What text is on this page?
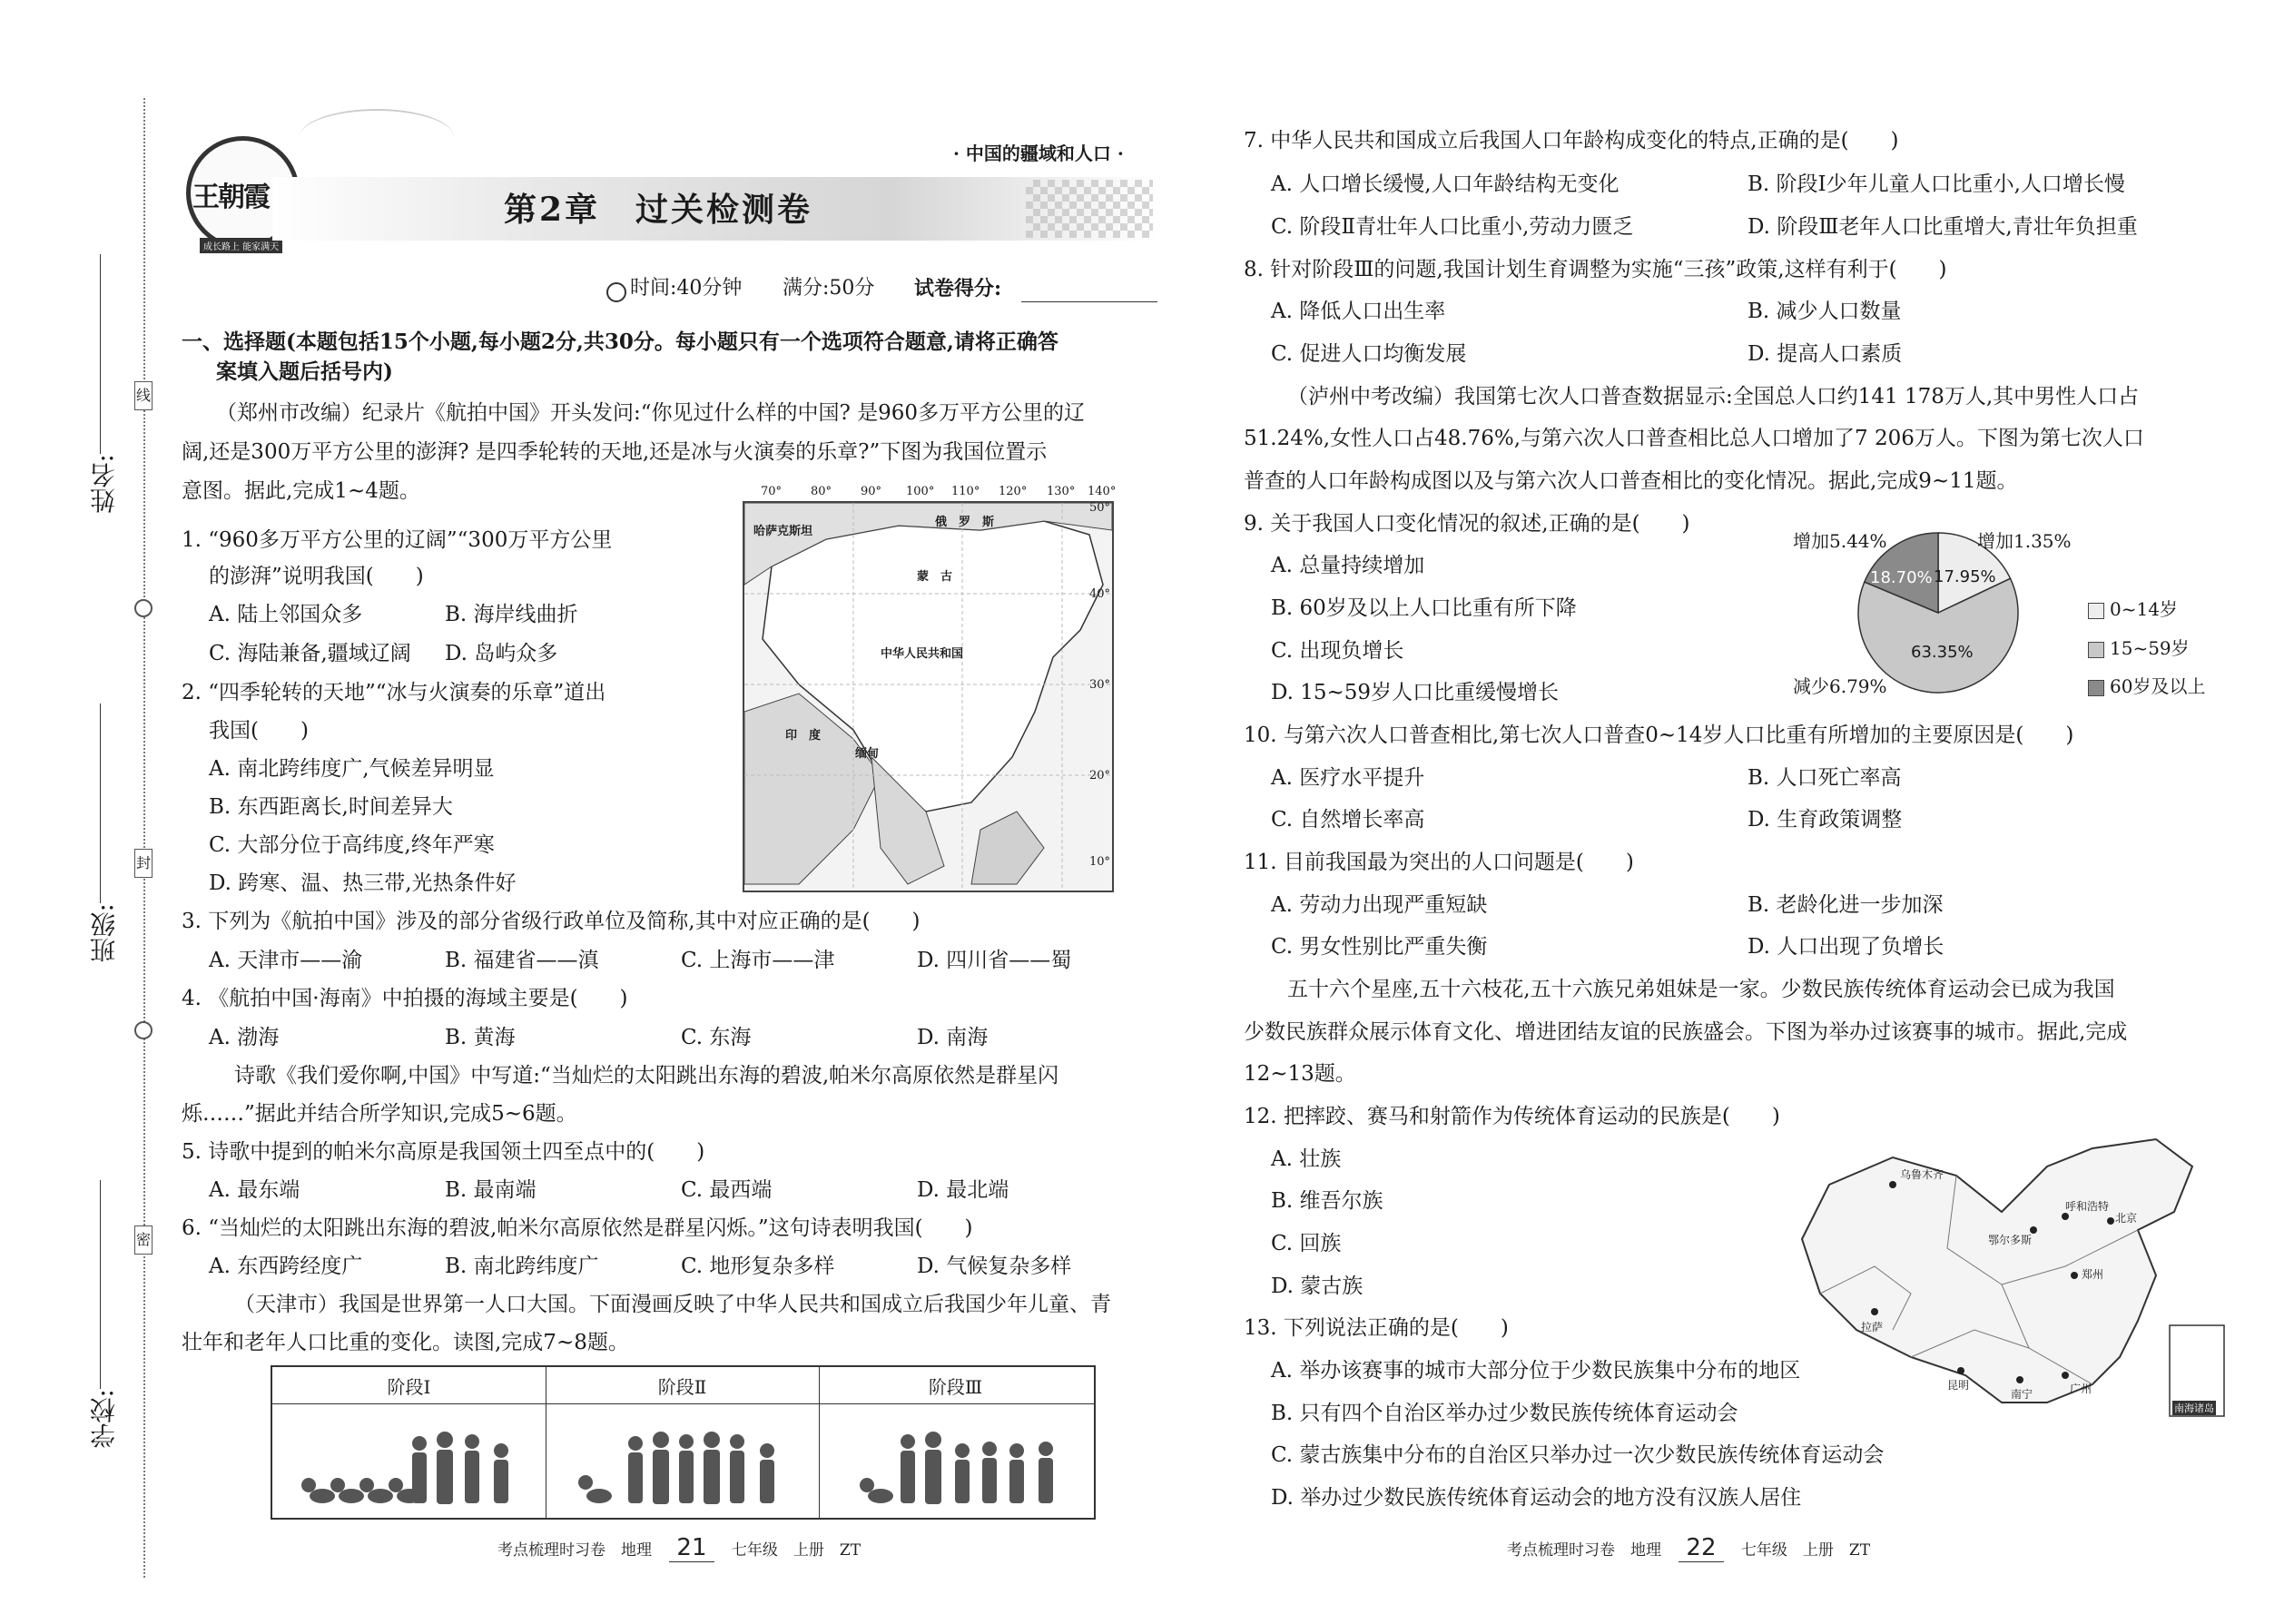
姓名:
班级:
学校:
线
封
密
王朝霞
成长路上 能家满天
· 中国的疆域和人口 ·
第2章　过关检测卷
时间:40分钟 满分:50分 试卷得分:
一、选择题(本题包括15个小题,每小题2分,共30分。每小题只有一个选项符合题意,请将正确答
案填入题后括号内)
（郑州市改编）纪录片《航拍中国》开头发问:“你见过什么样的中国? 是960多万平方公里的辽
阔,还是300万平方公里的澎湃? 是四季轮转的天地,还是冰与火演奏的乐章?”下图为我国位置示
意图。据此,完成1~4题。
哈萨克斯坦
俄　罗　斯
蒙　古
中华人民共和国
印　度
缅甸
70° 80° 90° 100° 110° 120° 130° 140°
50°
40°
30°
20°
10°
1. “960多万平方公里的辽阔”“300万平方公里
的澎湃”说明我国(　　)
A. 陆上邻国众多	B. 海岸线曲折
C. 海陆兼备,疆域辽阔 D. 岛屿众多
2. “四季轮转的天地”“冰与火演奏的乐章”道出
我国(　　)
A. 南北跨纬度广,气候差异明显
B. 东西距离长,时间差异大
C. 大部分位于高纬度,终年严寒
D. 跨寒、温、热三带,光热条件好
3. 下列为《航拍中国》涉及的部分省级行政单位及简称,其中对应正确的是(　　)
A. 天津市——渝	B. 福建省——滇	C. 上海市——津	D. 四川省——蜀
4. 《航拍中国·海南》中拍摄的海域主要是(　　)
A. 渤海	B. 黄海	C. 东海	D. 南海
诗歌《我们爱你啊,中国》中写道:“当灿烂的太阳跳出东海的碧波,帕米尔高原依然是群星闪
烁……”据此并结合所学知识,完成5~6题。
5. 诗歌中提到的帕米尔高原是我国领土四至点中的(　　)
A. 最东端	B. 最南端	C. 最西端	D. 最北端
6. “当灿烂的太阳跳出东海的碧波,帕米尔高原依然是群星闪烁。”这句诗表明我国(　　)
A. 东西跨经度广	B. 南北跨纬度广	C. 地形复杂多样	D. 气候复杂多样
（天津市）我国是世界第一人口大国。下面漫画反映了中华人民共和国成立后我国少年儿童、青
壮年和老年人口比重的变化。读图,完成7~8题。
阶段Ⅰ	阶段Ⅱ	阶段Ⅲ
考点梳理时习卷　地理 21 七年级　上册　ZT
7. 中华人民共和国成立后我国人口年龄构成变化的特点,正确的是(　　)
A. 人口增长缓慢,人口年龄结构无变化	B. 阶段Ⅰ少年儿童人口比重小,人口增长慢
C. 阶段Ⅱ青壮年人口比重小,劳动力匮乏	D. 阶段Ⅲ老年人口比重增大,青壮年负担重
8. 针对阶段Ⅲ的问题,我国计划生育调整为实施“三孩”政策,这样有利于(　　)
A. 降低人口出生率	B. 减少人口数量
C. 促进人口均衡发展	D. 提高人口素质
（泸州中考改编）我国第七次人口普查数据显示:全国总人口约141 178万人,其中男性人口占
51.24%,女性人口占48.76%,与第六次人口普查相比总人口增加了7 206万人。下图为第七次人口
普查的人口年龄构成图以及与第六次人口普查相比的变化情况。据此,完成9~11题。
9. 关于我国人口变化情况的叙述,正确的是(　　)
A. 总量持续增加
B. 60岁及以上人口比重有所下降
C. 出现负增长
D. 15~59岁人口比重缓慢增长
增加5.44%	增加1.35%
减少6.79%
17.95%
63.35%
18.70%
0~14岁
15~59岁
60岁及以上
10. 与第六次人口普查相比,第七次人口普查0~14岁人口比重有所增加的主要原因是(　　)
A. 医疗水平提升	B. 人口死亡率高
C. 自然增长率高	D. 生育政策调整
11. 目前我国最为突出的人口问题是(　　)
A. 劳动力出现严重短缺	B. 老龄化进一步加深
C. 男女性别比严重失衡	D. 人口出现了负增长
五十六个星座,五十六枝花,五十六族兄弟姐妹是一家。少数民族传统体育运动会已成为我国
少数民族群众展示体育文化、增进团结友谊的民族盛会。下图为举办过该赛事的城市。据此,完成
12~13题。
12. 把摔跤、赛马和射箭作为传统体育运动的民族是(　　)
A. 壮族
B. 维吾尔族
C. 回族
D. 蒙古族
乌鲁木齐
呼和浩特
鄂尔多斯
北京
郑州
拉萨
昆明
南宁	广州
南海诸岛
13. 下列说法正确的是(　　)
A. 举办该赛事的城市大部分位于少数民族集中分布的地区
B. 只有四个自治区举办过少数民族传统体育运动会
C. 蒙古族集中分布的自治区只举办过一次少数民族传统体育运动会
D. 举办过少数民族传统体育运动会的地方没有汉族人居住
考点梳理时习卷　地理 22 七年级　上册　ZT
